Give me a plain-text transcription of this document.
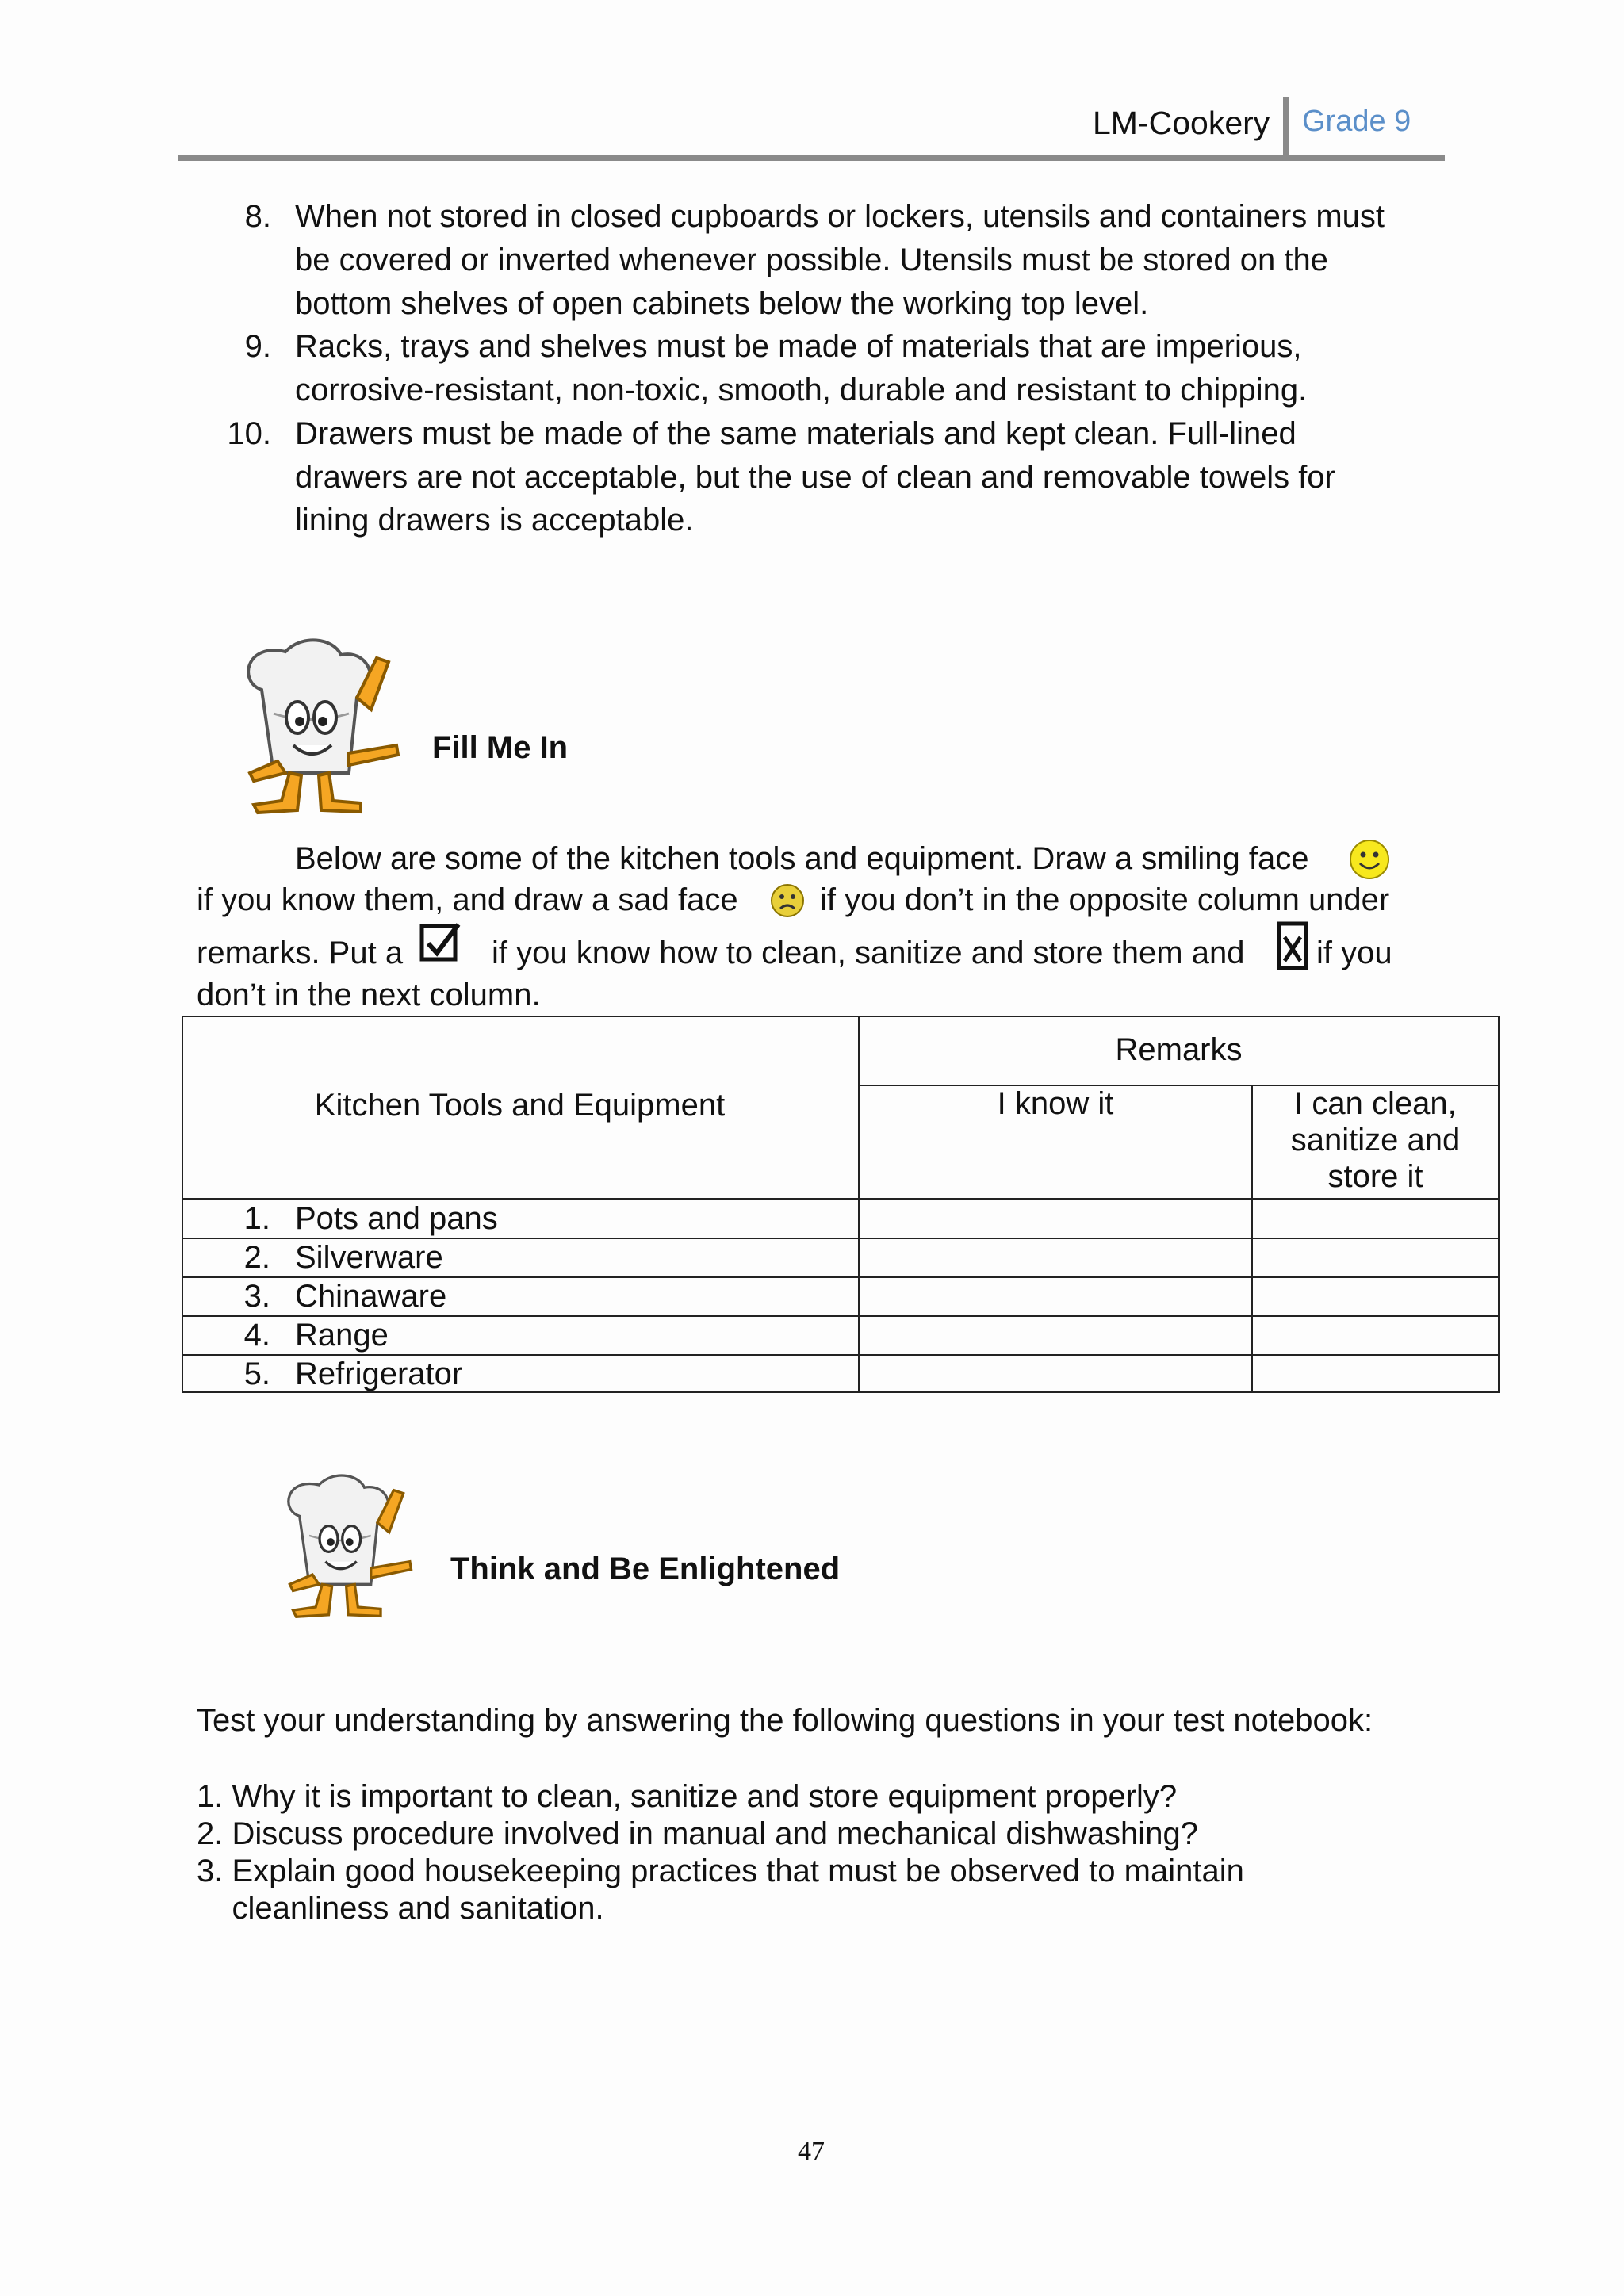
LM-Cookery Grade 9
8. When not stored in closed cupboards or lockers, utensils and containers must
be covered or inverted whenever possible. Utensils must be stored on the
bottom shelves of open cabinets below the working top level.
9. Racks, trays and shelves must be made of materials that are imperious,
corrosive-resistant, non-toxic, smooth, durable and resistant to chipping.
10. Drawers must be made of the same materials and kept clean. Full-lined
drawers are not acceptable, but the use of clean and removable towels for
lining drawers is acceptable.
Fill Me In
Below are some of the kitchen tools and equipment. Draw a smiling face
if you know them, and draw a sad face	if you don’t in the opposite column under
remarks. Put a	if you know how to clean, sanitize and store them and if you
don’t in the next column.
Kitchen Tools and Equipment
Remarks
I know it	I can clean,
sanitize and
store it
1. Pots and pans
2. Silverware
3. Chinaware
4. Range
5. Refrigerator
Think and Be Enlightened
Test your understanding by answering the following questions in your test notebook:
1. Why it is important to clean, sanitize and store equipment properly?
2. Discuss procedure involved in manual and mechanical dishwashing?
3. Explain good housekeeping practices that must be observed to maintain
cleanliness and sanitation.
47
